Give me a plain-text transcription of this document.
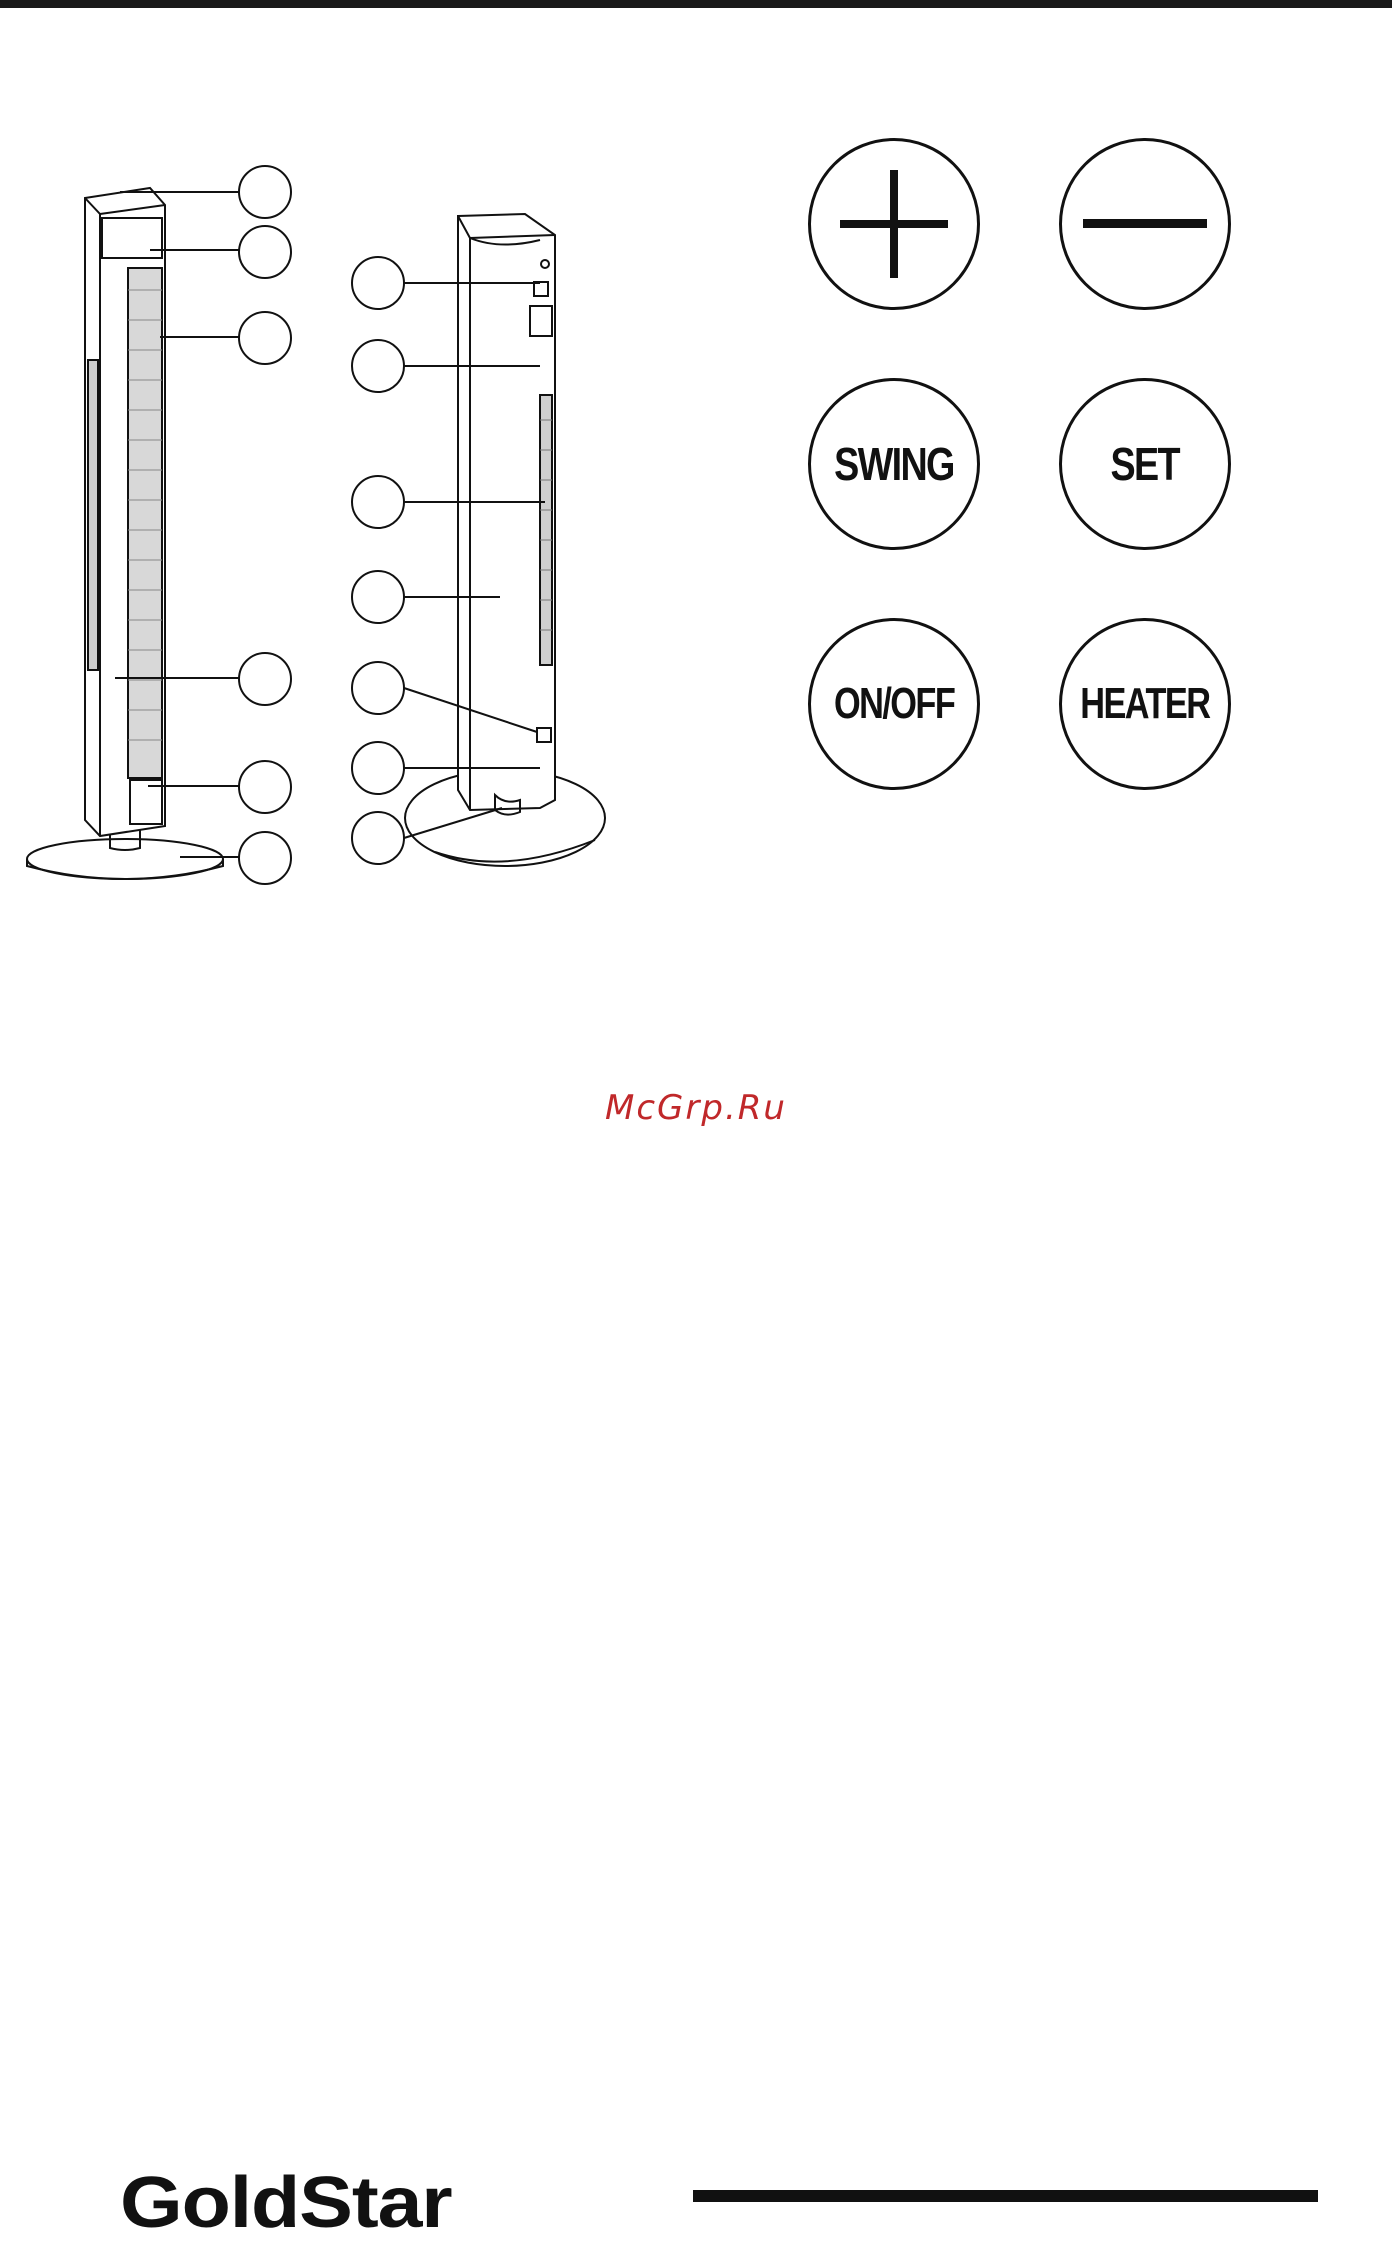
SWING	SET
ON/OFF	HEATER
McGrp.Ru
GoldStar
